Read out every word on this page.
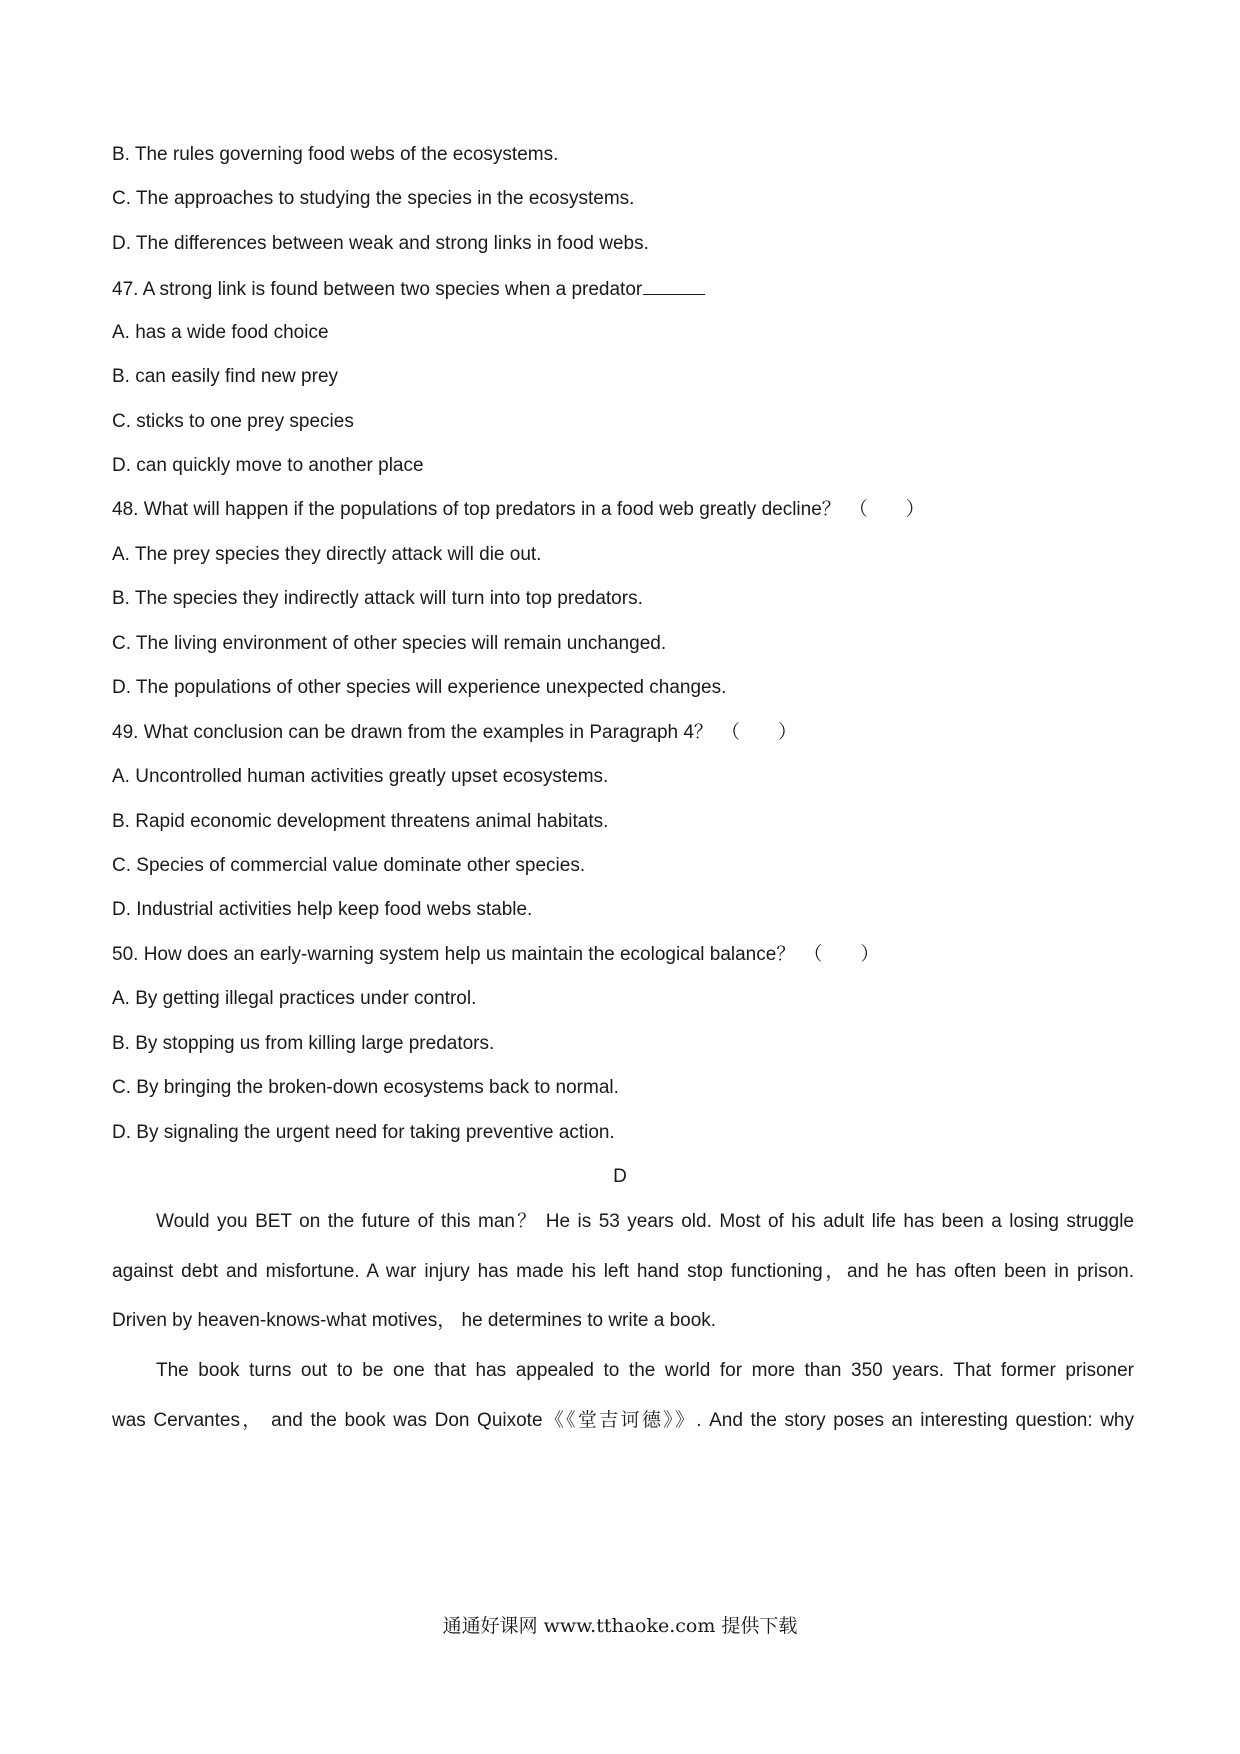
B. The rules governing food webs of the ecosystems.
C. The approaches to studying the species in the ecosystems.
D. The differences between weak and strong links in food webs.
47. A strong link is found between two species when a predator
A. has a wide food choice
B. can easily find new prey
C. sticks to one prey species
D. can quickly move to another place
48. What will happen if the populations of top predators in a food web greatly decline？ （　　）
A. The prey species they directly attack will die out.
B. The species they indirectly attack will turn into top predators.
C. The living environment of other species will remain unchanged.
D. The populations of other species will experience unexpected changes.
49. What conclusion can be drawn from the examples in Paragraph 4？ （　　）
A. Uncontrolled human activities greatly upset ecosystems.
B. Rapid economic development threatens animal habitats.
C. Species of commercial value dominate other species.
D. Industrial activities help keep food webs stable.
50. How does an early-warning system help us maintain the ecological balance？ （　　）
A. By getting illegal practices under control.
B. By stopping us from killing large predators.
C. By bringing the broken-down ecosystems back to normal.
D. By signaling the urgent need for taking preventive action.
D
Would you BET on the future of this man？ He is 53 years old. Most of his adult life has been a losing struggle
against debt and misfortune. A war injury has made his left hand stop functioning，and he has often been in prison.
Driven by heaven-knows-what motives， he determines to write a book.
The book turns out to be one that has appealed to the world for more than 350 years. That former prisoner
was Cervantes， and the book was Don Quixote《《堂吉诃德》》. And the story poses an interesting question: why
通通好课网 www.tthaoke.com 提供下载
